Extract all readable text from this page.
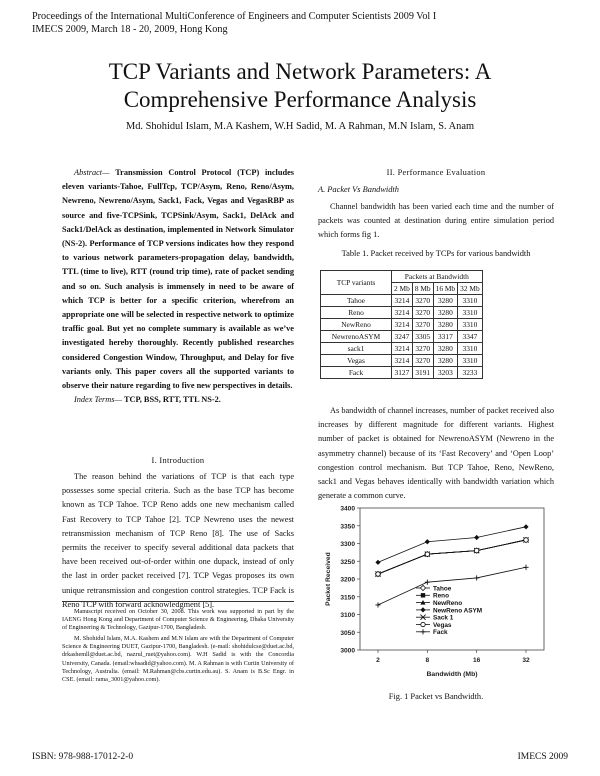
Proceedings of the International MultiConference of Engineers and Computer Scientists 2009 Vol I
IMECS 2009, March 18 - 20, 2009, Hong Kong
TCP Variants and Network Parameters: A
Comprehensive Performance Analysis
Md. Shohidul Islam, M.A Kashem, W.H Sadid, M. A Rahman, M.N Islam, S. Anam
Abstract— Transmission Control Protocol (TCP) includes eleven variants-Tahoe, FullTcp, TCP/Asym, Reno, Reno/Asym, Newreno, Newreno/Asym, Sack1, Fack, Vegas and VegasRBP as source and five-TCPSink, TCPSink/Asym, Sack1, DelAck and Sack1/DelAck as destination, implemented in Network Simulator (NS-2). Performance of TCP versions indicates how they respond to various network parameters-propagation delay, bandwidth, TTL (time to live), RTT (round trip time), rate of packet sending and so on. Such analysis is immensely in need to be aware of which TCP is better for a specific criterion, wherefrom an appropriate one will be selected in respective network to optimize traffic goal. But yet no complete summary is available as we’ve investigated hereby thoroughly. Recently published researches considered Congestion Window, Throughput, and Delay for five variants only. This paper covers all the supported variants to observe their nature regarding to five new perspectives in details.
Index Terms— TCP, BSS, RTT, TTL NS-2.
I. Introduction

The reason behind the variations of TCP is that each type possesses some special criteria. Such as the base TCP has become known as TCP Tahoe. TCP Reno adds one new mechanism called Fast Recovery to TCP Tahoe [2]. TCP Newreno uses the newest retransmission mechanism of TCP Reno [8]. The use of Sacks permits the receiver to specify several additional data packets that have been received out-of-order within one dupack, instead of only the last in order packet received [7]. TCP Vegas proposes its own unique retransmission and congestion control strategies. TCP Fack is Reno TCP with forward acknowledgment [5].

Manuscript received on October 30, 2008. This work was supported in part by the IAENG Hong Kong and Department of Computer Science & Engineering, Dhaka University of Engineering & Technology, Gazipur-1700, Bangladesh.

M. Shohidul Islam, M.A. Kashem and M.N Islam are with the Department of Computer Science & Engineering DUET, Gazipur-1700, Bangladesh. (e-mail: shohidulcse@duet.ac.bd, drkashemll@duet.ac.bd, nazrul_ruet@yahoo.com). W.H Sadid is with the Concordia University, Canada. (email:whsadid@yahoo.com). M. A Rahman is with Curtin University of Technology, Australia. (email: M.Rahman@cbs.curtin.edu.au). S. Anam is B.Sc Engr. in CSE. (email: rama_3001@yahoo.com).

II. Performance Evaluation
A. Packet Vs Bandwidth

Channel bandwidth has been varied each time and the number of packets was counted at destination during entire simulation period which forms fig 1.

Table 1. Packet received by TCPs for various bandwidth
TCP variants	Packets at Bandwidth			
	2 Mb	8 Mb	16 Mb	32 Mb
Tahoe	3214	3270	3280	3310
Reno	3214	3270	3280	3310
NewReno	3214	3270	3280	3310
NewrenoASYM	3247	3305	3317	3347
sack1	3214	3270	3280	3310
Vegas	3214	3270	3280	3310
Fack	3127	3191	3203	3233

As bandwidth of channel increases, number of packet received also increases by different magnitude for different variants. Highest number of packet is obtained for NewrenoASYM (Newreno in the asymmetry channel) because of its ‘Fast Recovery’ and ‘Open Loop’ congestion control mechanism. But TCP Tahoe, Reno, NewReno, sack1 and Vegas behaves identically with bandwidth variation which generate a common curve.

3000
3050
3100
3150
3200
3250
3300
3350
3400
2	8	16	32
Bandwidth (Mb)
Packet Received	Tahoe
Reno
NewReno
NewReno ASYM
Sack 1
Vegas
Fack
Fig. 1 Packet vs Bandwidth.
ISBN: 978-988-17012-2-0	IMECS 2009
